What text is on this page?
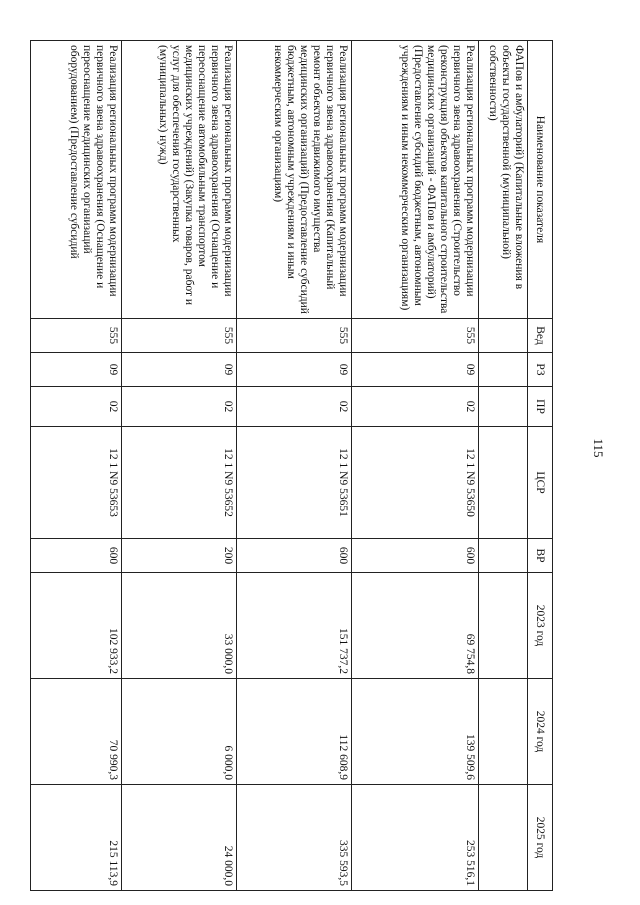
115
Наименование показателя	Вед	РЗ	ПР	ЦСР	ВР	2023 год	2024 год	2025 год
ФАПов и амбулаторий) (Капитальные вложения в объекты государственной (муниципальной) собственности)								
Реализация региональных программ модернизации первичного звена здравоохранения (Строительство (реконструкция) объектов капитального строительства медицинских организаций - ФАПов и амбулаторий) (Предоставление субсидий бюджетным, автономным учреждениям и иным некоммерческим организациям)	555	09	02	12 1 N9 53650	600	69 754,8	139 509,6	253 516,1
Реализация региональных программ модернизации первичного звена здравоохранения (Капитальный ремонт объектов недвижимого имущества медицинских организаций) (Предоставление субсидий бюджетным, автономным учреждениям и иным некоммерческим организациям)	555	09	02	12 1 N9 53651	600	151 737,2	112 608,9	335 593,5
Реализация региональных программ модернизации первичного звена здравоохранения (Оснащение и переоснащение автомобильным транспортом медицинских учреждений) (Закупка товаров, работ и услуг для обеспечения государственных (муниципальных) нужд)	555	09	02	12 1 N9 53652	200	33 000,0	6 000,0	24 000,0
Реализация региональных программ модернизации первичного звена здравоохранения (Оснащение и переоснащение медицинских организаций оборудованием) (Предоставление субсидий	555	09	02	12 1 N9 53653	600	102 933,2	70 990,3	215 113,9
